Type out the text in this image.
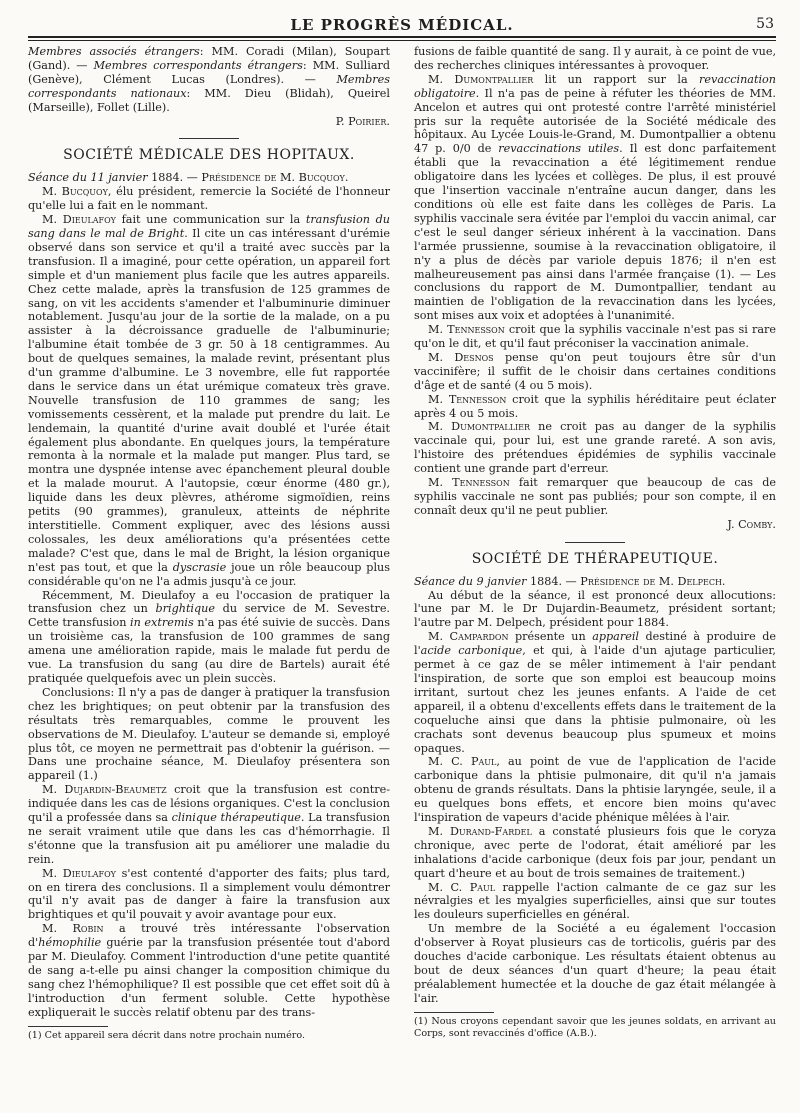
LE PROGRÈS MÉDICAL.	53

Membres associés étrangers: MM. Coradi (Milan), Soupart (Gand). — Membres correspondants étrangers: MM. Sulliard (Genève), Clément Lucas (Londres). — Membres correspondants nationaux: MM. Dieu (Blidah), Queirel (Marseille), Follet (Lille).

P. Poirier.
SOCIÉTÉ MÉDICALE DES HOPITAUX.

Séance du 11 janvier 1884. — Présidence de M. Bucquoy.

M. Bucquoy, élu président, remercie la Société de l'honneur qu'elle lui a fait en le nommant.

M. Dieulafoy fait une communication sur la transfusion du sang dans le mal de Bright. Il cite un cas intéressant d'urémie observé dans son service et qu'il a traité avec succès par la transfusion. Il a imaginé, pour cette opération, un appareil fort simple et d'un maniement plus facile que les autres appareils. Chez cette malade, après la transfusion de 125 grammes de sang, on vit les accidents s'amender et l'albuminurie diminuer notablement. Jusqu'au jour de la sortie de la malade, on a pu assister à la décroissance graduelle de l'albuminurie; l'albumine était tombée de 3 gr. 50 à 18 centigrammes. Au bout de quelques semaines, la malade revint, présentant plus d'un gramme d'albumine. Le 3 novembre, elle fut rapportée dans le service dans un état urémique comateux très grave. Nouvelle transfusion de 110 grammes de sang; les vomissements cessèrent, et la malade put prendre du lait. Le lendemain, la quantité d'urine avait doublé et l'urée était également plus abondante. En quelques jours, la température remonta à la normale et la malade put manger. Plus tard, se montra une dyspnée intense avec épanchement pleural double et la malade mourut. A l'autopsie, cœur énorme (480 gr.), liquide dans les deux plèvres, athérome sigmoïdien, reins petits (90 grammes), granuleux, atteints de néphrite interstitielle. Comment expliquer, avec des lésions aussi colossales, les deux améliorations qu'a présentées cette malade? C'est que, dans le mal de Bright, la lésion organique n'est pas tout, et que la dyscrasie joue un rôle beaucoup plus considérable qu'on ne l'a admis jusqu'à ce jour.

Récemment, M. Dieulafoy a eu l'occasion de pratiquer la transfusion chez un brightique du service de M. Sevestre. Cette transfusion in extremis n'a pas été suivie de succès. Dans un troisième cas, la transfusion de 100 grammes de sang amena une amélioration rapide, mais le malade fut perdu de vue. La transfusion du sang (au dire de Bartels) aurait été pratiquée quelquefois avec un plein succès.

Conclusions: Il n'y a pas de danger à pratiquer la transfusion chez les brightiques; on peut obtenir par la transfusion des résultats très remarquables, comme le prouvent les observations de M. Dieulafoy. L'auteur se demande si, employé plus tôt, ce moyen ne permettrait pas d'obtenir la guérison. — Dans une prochaine séance, M. Dieulafoy présentera son appareil (1.)

M. Dujardin-Beaumetz croit que la transfusion est contre-indiquée dans les cas de lésions organiques. C'est la conclusion qu'il a professée dans sa clinique thérapeutique. La transfusion ne serait vraiment utile que dans les cas d'hémorrhagie. Il s'étonne que la transfusion ait pu améliorer une maladie du rein.

M. Dieulafoy s'est contenté d'apporter des faits; plus tard, on en tirera des conclusions. Il a simplement voulu démontrer qu'il n'y avait pas de danger à faire la transfusion aux brightiques et qu'il pouvait y avoir avantage pour eux.

M. Robin a trouvé très intéressante l'observation d'hémophilie guérie par la transfusion présentée tout d'abord par M. Dieulafoy. Comment l'introduction d'une petite quantité de sang a-t-elle pu ainsi changer la composition chimique du sang chez l'hémophilique? Il est possible que cet effet soit dû à l'introduction d'un ferment soluble. Cette hypothèse expliquerait le succès relatif obtenu par des trans-

(1) Cet appareil sera décrit dans notre prochain numéro.

fusions de faible quantité de sang. Il y aurait, à ce point de vue, des recherches cliniques intéressantes à provoquer.

M. Dumontpallier lit un rapport sur la revaccination obligatoire. Il n'a pas de peine à réfuter les théories de MM. Ancelon et autres qui ont protesté contre l'arrêté ministériel pris sur la requête autorisée de la Société médicale des hôpitaux. Au Lycée Louis-le-Grand, M. Dumontpallier a obtenu 47 p. 0/0 de revaccinations utiles. Il est donc parfaitement établi que la revaccination a été légitimement rendue obligatoire dans les lycées et collèges. De plus, il est prouvé que l'insertion vaccinale n'entraîne aucun danger, dans les conditions où elle est faite dans les collèges de Paris. La syphilis vaccinale sera évitée par l'emploi du vaccin animal, car c'est le seul danger sérieux inhérent à la vaccination. Dans l'armée prussienne, soumise à la revaccination obligatoire, il n'y a plus de décès par variole depuis 1876; il n'en est malheureusement pas ainsi dans l'armée française (1). — Les conclusions du rapport de M. Dumontpallier, tendant au maintien de l'obligation de la revaccination dans les lycées, sont mises aux voix et adoptées à l'unanimité.

M. Tennesson croit que la syphilis vaccinale n'est pas si rare qu'on le dit, et qu'il faut préconiser la vaccination animale.

M. Desnos pense qu'on peut toujours être sûr d'un vaccinifère; il suffit de le choisir dans certaines conditions d'âge et de santé (4 ou 5 mois).

M. Tennesson croit que la syphilis héréditaire peut éclater après 4 ou 5 mois.

M. Dumontpallier ne croit pas au danger de la syphilis vaccinale qui, pour lui, est une grande rareté. A son avis, l'histoire des prétendues épidémies de syphilis vaccinale contient une grande part d'erreur.

M. Tennesson fait remarquer que beaucoup de cas de syphilis vaccinale ne sont pas publiés; pour son compte, il en connaît deux qu'il ne peut publier.

J. Comby.
SOCIÉTÉ DE THÉRAPEUTIQUE.

Séance du 9 janvier 1884. — Présidence de M. Delpech.

Au début de la séance, il est prononcé deux allocutions: l'une par M. le Dr Dujardin-Beaumetz, président sortant; l'autre par M. Delpech, président pour 1884.

M. Campardon présente un appareil destiné à produire de l'acide carbonique, et qui, à l'aide d'un ajutage particulier, permet à ce gaz de se mêler intimement à l'air pendant l'inspiration, de sorte que son emploi est beaucoup moins irritant, surtout chez les jeunes enfants. A l'aide de cet appareil, il a obtenu d'excellents effets dans le traitement de la coqueluche ainsi que dans la phtisie pulmonaire, où les crachats sont devenus beaucoup plus spumeux et moins opaques.

M. C. Paul, au point de vue de l'application de l'acide carbonique dans la phtisie pulmonaire, dit qu'il n'a jamais obtenu de grands résultats. Dans la phtisie laryngée, seule, il a eu quelques bons effets, et encore bien moins qu'avec l'inspiration de vapeurs d'acide phénique mêlées à l'air.

M. Durand-Fardel a constaté plusieurs fois que le coryza chronique, avec perte de l'odorat, était amélioré par les inhalations d'acide carbonique (deux fois par jour, pendant un quart d'heure et au bout de trois semaines de traitement.)

M. C. Paul rappelle l'action calmante de ce gaz sur les névralgies et les myalgies superficielles, ainsi que sur toutes les douleurs superficielles en général.

Un membre de la Société a eu également l'occasion d'observer à Royat plusieurs cas de torticolis, guéris par des douches d'acide carbonique. Les résultats étaient obtenus au bout de deux séances d'un quart d'heure; la peau était préalablement humectée et la douche de gaz était mélangée à l'air.

(1) Nous croyons cependant savoir que les jeunes soldats, en arrivant au Corps, sont revaccinés d'office (A.B.).
